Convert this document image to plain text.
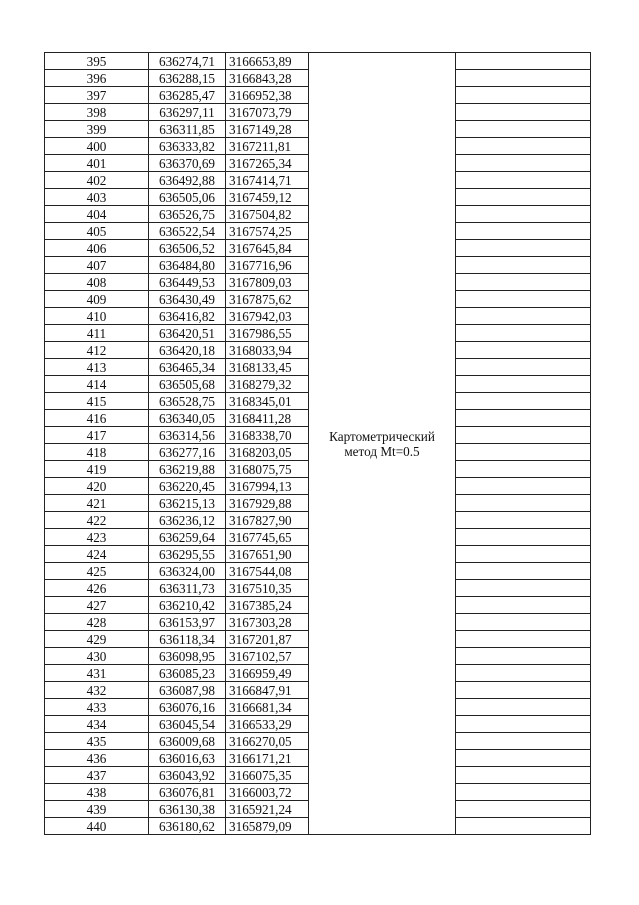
395	636274,71	3166653,89	Картометрический
метод Mt=0.5	

396	636288,15	3166843,28		
397	636285,47	3166952,38		
398	636297,11	3167073,79		
399	636311,85	3167149,28		
400	636333,82	3167211,81		
401	636370,69	3167265,34		
402	636492,88	3167414,71		
403	636505,06	3167459,12		
404	636526,75	3167504,82		
405	636522,54	3167574,25		
406	636506,52	3167645,84		
407	636484,80	3167716,96		
408	636449,53	3167809,03		
409	636430,49	3167875,62		
410	636416,82	3167942,03		
411	636420,51	3167986,55		
412	636420,18	3168033,94		
413	636465,34	3168133,45		
414	636505,68	3168279,32		
415	636528,75	3168345,01		
416	636340,05	3168411,28		
417	636314,56	3168338,70		
418	636277,16	3168203,05		
419	636219,88	3168075,75		
420	636220,45	3167994,13		
421	636215,13	3167929,88		
422	636236,12	3167827,90		
423	636259,64	3167745,65		
424	636295,55	3167651,90		
425	636324,00	3167544,08		
426	636311,73	3167510,35		
427	636210,42	3167385,24		
428	636153,97	3167303,28		
429	636118,34	3167201,87		
430	636098,95	3167102,57		
431	636085,23	3166959,49		
432	636087,98	3166847,91		
433	636076,16	3166681,34		
434	636045,54	3166533,29		
435	636009,68	3166270,05		
436	636016,63	3166171,21		
437	636043,92	3166075,35		
438	636076,81	3166003,72		
439	636130,38	3165921,24		
440	636180,62	3165879,09		
